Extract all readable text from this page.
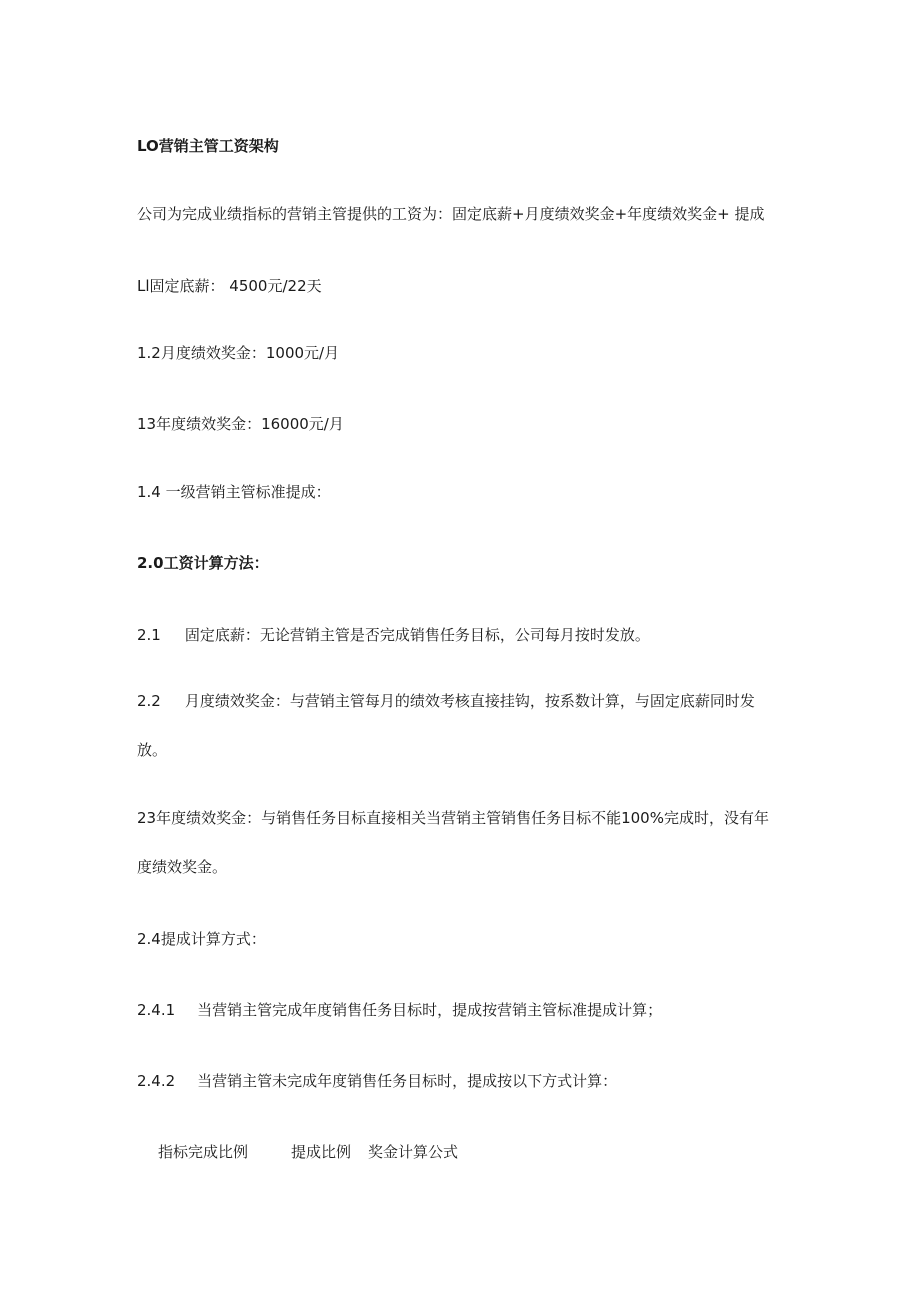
LO营销主管工资架构

公司为完成业绩指标的营销主管提供的工资为：固定底薪+月度绩效奖金+年度绩效奖金+ 提成

Ll固定底薪： 4500元/22天

1.2月度绩效奖金：1000元/月

13年度绩效奖金：16000元/月

1.4 一级营销主管标准提成：

2.0工资计算方法：

2.1 固定底薪：无论营销主管是否完成销售任务目标，公司每月按时发放。

2.2 月度绩效奖金：与营销主管每月的绩效考核直接挂钩，按系数计算，与固定底薪同时发

放。

23年度绩效奖金：与销售任务目标直接相关当营销主管销售任务目标不能100%完成时，没有年

度绩效奖金。

2.4提成计算方式：

2.4.1 当营销主管完成年度销售任务目标时，提成按营销主管标准提成计算；

2.4.2 当营销主管未完成年度销售任务目标时，提成按以下方式计算：

指标完成比例	提成比例 奖金计算公式
